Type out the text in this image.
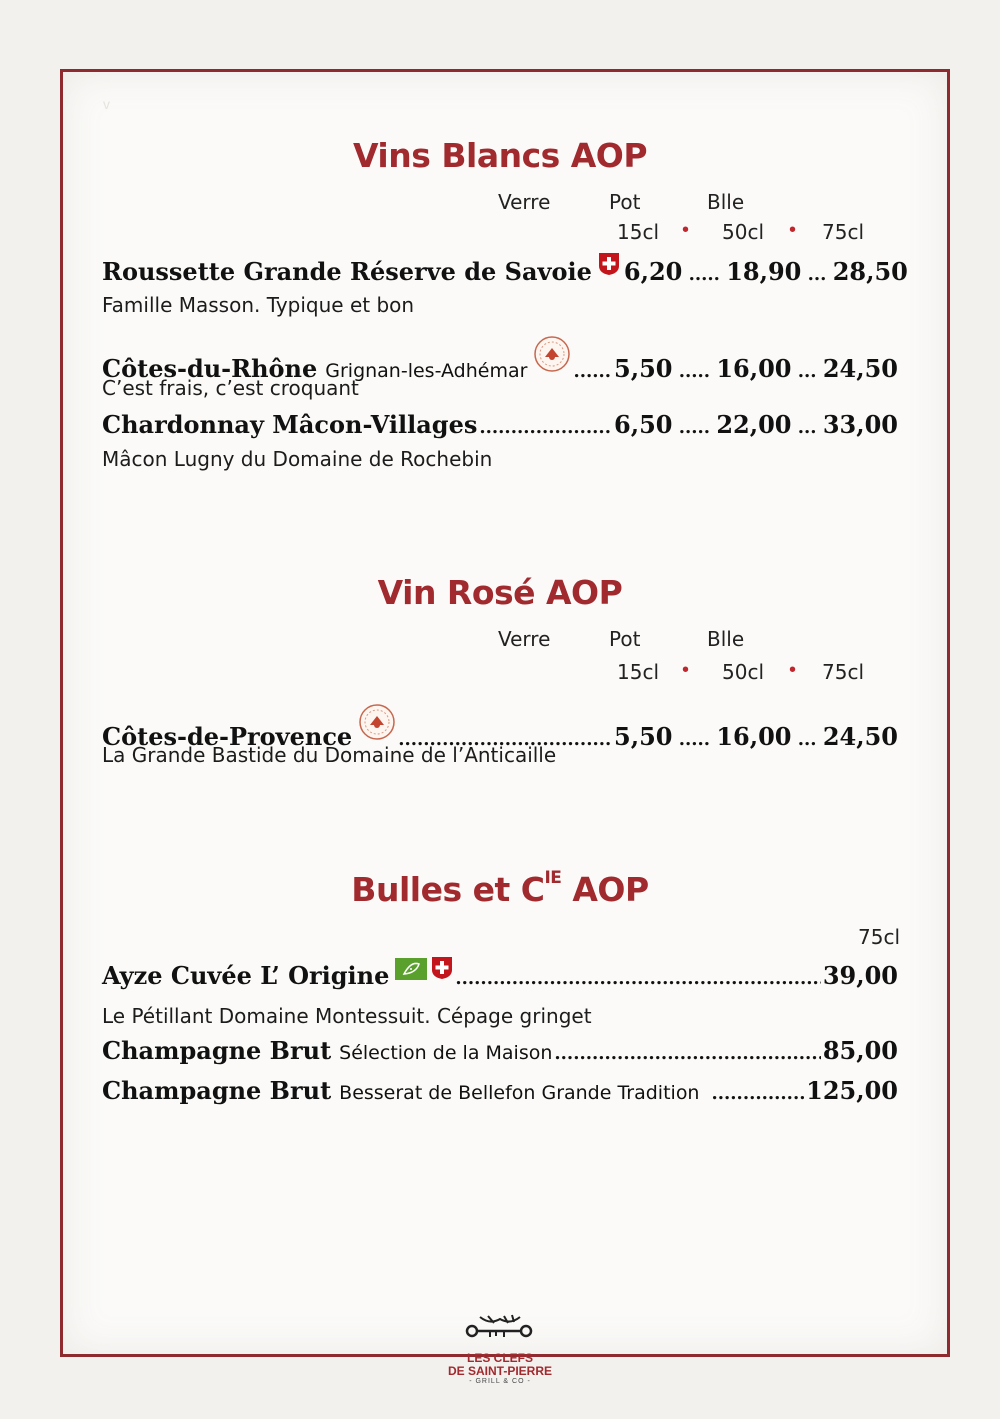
v
Vins Blancs AOP
Verre	Pot	Blle
15cl • 50cl • 75cl
Roussette Grande Réserve de Savoie 6,20 ..... 18,90 ... 28,50
Famille Masson. Typique et bon
Côtes-du-Rhône Grignan-les-Adhémar .....	5,50 ..... 16,00 ... 24,50
C’est frais, c’est croquant
Chardonnay Mâcon-Villages .....	6,50 ..... 22,00 ... 33,00
Mâcon Lugny du Domaine de Rochebin
Vin Rosé AOP
Verre	Pot	Blle
15cl • 50cl • 75cl
Côtes-de-Provence .....	5,50 ..... 16,00 ... 24,50
La Grande Bastide du Domaine de l’Anticaille
Bulles et $C^{IE}$ AOP
75cl
Ayze Cuvée L’ Origine .....	39,00
Le Pétillant Domaine Montessuit. Cépage gringet
Champagne Brut Sélection de la Maison .....	85,00
Champagne Brut Besserat de Bellefon Grande Tradition .....	125,00
LES CLEFS
DE SAINT-PIERRE
- GRILL & CO -
